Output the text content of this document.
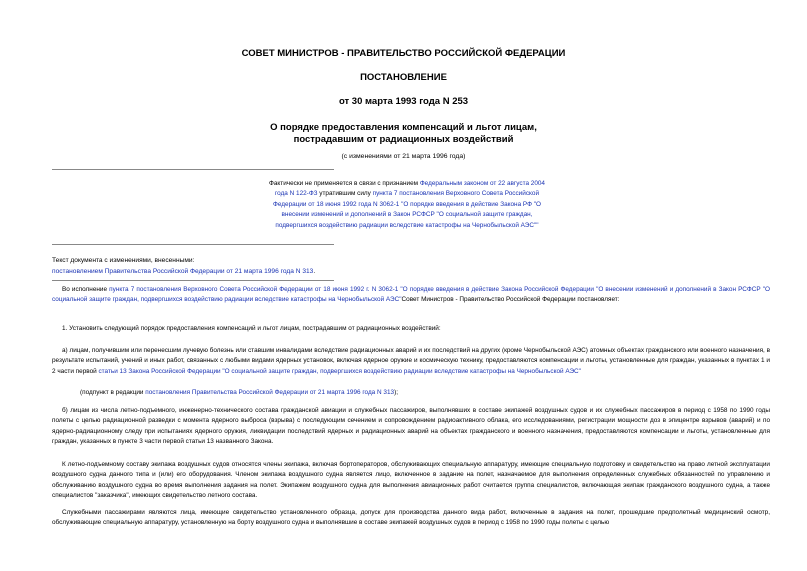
СОВЕТ МИНИСТРОВ - ПРАВИТЕЛЬСТВО РОССИЙСКОЙ ФЕДЕРАЦИИ
ПОСТАНОВЛЕНИЕ
от 30 марта 1993 года N 253
О порядке предоставления компенсаций и льгот лицам,
пострадавшим от радиационных воздействий
(с изменениями от 21 марта 1996 года)
Фактически не применяется в связи с признанием Федеральным законом от 22 августа 2004 года N 122-ФЗ утратившим силу пункта 7 постановления Верховного Совета Российской Федерации от 18 июня 1992 года N 3062-1 "О порядке введения в действие Закона РФ "О внесении изменений и дополнений в Закон РСФСР "О социальной защите граждан, подвергшихся воздействию радиации вследствие катастрофы на Чернобыльской АЭС""
Текст документа с изменениями, внесенными:
постановлением Правительства Российской Федерации от 21 марта 1996 года N 313.
Во исполнение пункта 7 постановления Верховного Совета Российской Федерации от 18 июня 1992 г. N 3062-1 "О порядке введения в действие Закона Российской Федерации "О внесении изменений и дополнений в Закон РСФСР "О социальной защите граждан, подвергшихся воздействию радиации вследствие катастрофы на Чернобыльской АЭС"Совет Министров - Правительство Российской Федерации постановляет:
1. Установить следующий порядок предоставления компенсаций и льгот лицам, пострадавшим от радиационных воздействий:
а) лицам, получившим или перенесшим лучевую болезнь или ставшим инвалидами вследствие радиационных аварий и их последствий на других (кроме Чернобыльской АЭС) атомных объектах гражданского или военного назначения, в результате испытаний, учений и иных работ, связанных с любыми видами ядерных установок, включая ядерное оружие и космическую технику, предоставляются компенсации и льготы, установленные для граждан, указанных в пунктах 1 и 2 части первой статьи 13 Закона Российской Федерации "О социальной защите граждан, подвергшихся воздействию радиации вследствие катастрофы на Чернобыльской АЭС"
(подпункт в редакции постановления Правительства Российской Федерации от 21 марта 1996 года N 313);
б) лицам из числа летно-подъемного, инженерно-технического состава гражданской авиации и служебных пассажиров, выполнявших в составе экипажей воздушных судов и их служебных пассажиров в период с 1958 по 1990 годы полеты с целью радиационной разведки с момента ядерного выброса (взрыва) с последующим сечением и сопровождением радиоактивного облака, его исследованиями, регистрации мощности доз в эпицентре взрывов (аварий) и по ядерно-радиационному следу при испытаниях ядерного оружия, ликвидации последствий ядерных и радиационных аварий на объектах гражданского и военного назначения, предоставляются компенсации и льготы, установленные для граждан, указанных в пункте 3 части первой статьи 13 названного Закона.
К летно-подъемному составу экипажа воздушных судов относятся члены экипажа, включая бортоператоров, обслуживающих специальную аппаратуру, имеющие специальную подготовку и свидетельство на право летной эксплуатации воздушного судна данного типа и (или) его оборудования. Членом экипажа воздушного судна является лицо, включенное в задание на полет, назначаемое для выполнения определенных служебных обязанностей по управлению и обслуживанию воздушного судна во время выполнения задания на полет. Экипажем воздушного судна для выполнения авиационных работ считается группа специалистов, включающая экипаж гражданского воздушного судна, а также специалистов "заказчика", имеющих свидетельство летного состава.
Служебными пассажирами являются лица, имеющие свидетельство установленного образца, допуск для производства данного вида работ, включенные в задания на полет, прошедшие предполетный медицинский осмотр, обслуживающие специальную аппаратуру, установленную на борту воздушного судна и выполнявшие в составе экипажей воздушных судов в период с 1958 по 1990 годы полеты с целью
